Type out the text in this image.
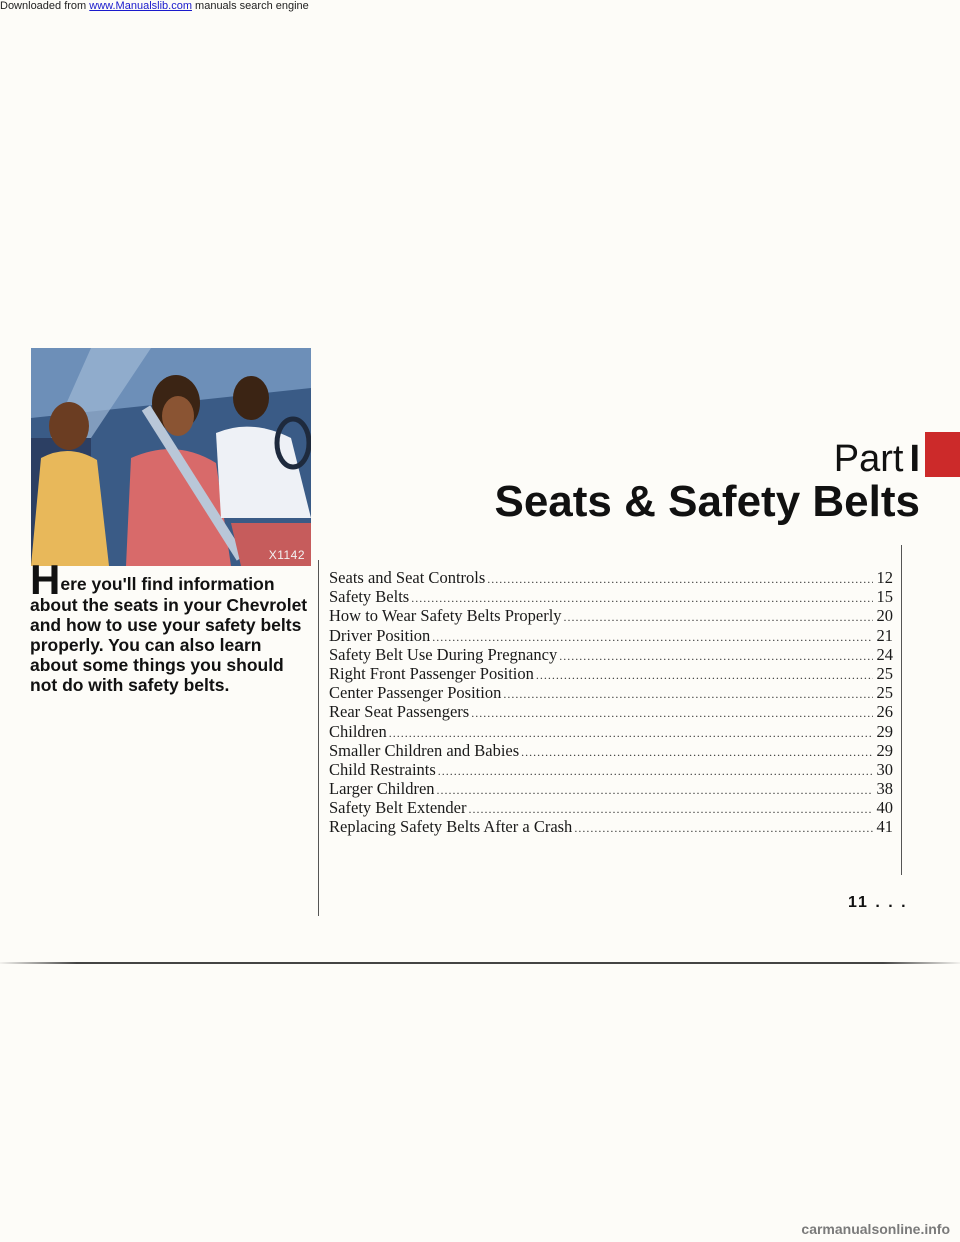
Downloaded from www.Manualslib.com manuals search engine
X1142
Part I
Seats & Safety Belts
Here you'll find information about the seats in your Chevrolet and how to use your safety belts properly. You can also learn about some things you should not do with safety belts.
Seats and Seat Controls .....	12
Safety Belts .....	15
How to Wear Safety Belts Properly .....	20
Driver Position .....	21
Safety Belt Use During Pregnancy .....	24
Right Front Passenger Position .....	25
Center Passenger Position .....	25
Rear Seat Passengers .....	26
Children .....	29
Smaller Children and Babies .....	29
Child Restraints .....	30
Larger Children .....	38
Safety Belt Extender .....	40
Replacing Safety Belts After a Crash .....	41
11 . . .
carmanualsonline.info
